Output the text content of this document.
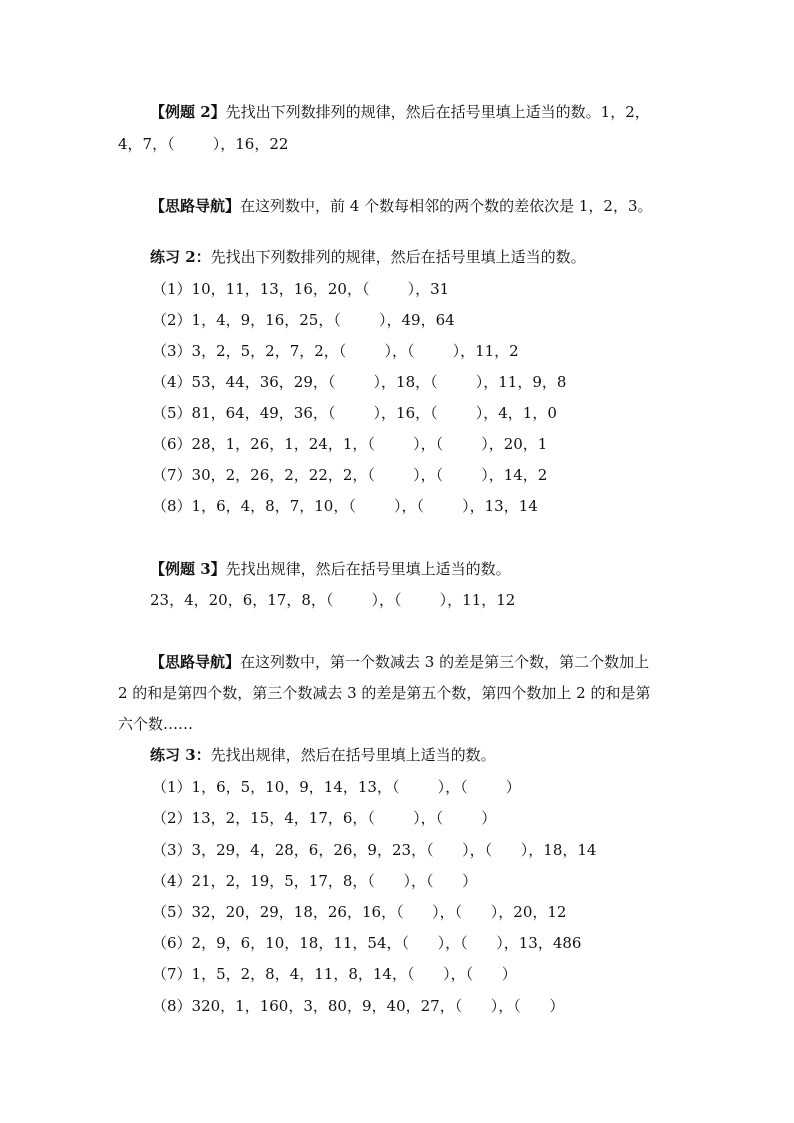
【例题 2】先找出下列数排列的规律，然后在括号里填上适当的数。1，2，
4，7，（        ），16，22
【思路导航】在这列数中，前 4 个数每相邻的两个数的差依次是 1，2，3。
练习 2：先找出下列数排列的规律，然后在括号里填上适当的数。
（1）10，11，13，16，20，（        ），31
（2）1，4，9，16，25，（        ），49，64
（3）3，2，5，2，7，2，（        ），（        ），11，2
（4）53，44，36，29，（        ），18，（        ），11，9，8
（5）81，64，49，36，（        ），16，（        ），4，1，0
（6）28，1，26，1，24，1，（        ），（        ），20，1
（7）30，2，26，2，22，2，（        ），（        ），14，2
（8）1，6，4，8，7，10，（        ），（        ），13，14
【例题 3】先找出规律，然后在括号里填上适当的数。
23，4，20，6，17，8，（        ），（        ），11，12
【思路导航】在这列数中，第一个数减去 3 的差是第三个数，第二个数加上
2 的和是第四个数，第三个数减去 3 的差是第五个数，第四个数加上 2 的和是第
六个数……
练习 3：先找出规律，然后在括号里填上适当的数。
（1）1，6，5，10，9，14，13，（        ），（        ）
（2）13，2，15，4，17，6，（        ），（        ）
（3）3，29，4，28，6，26，9，23，（      ），（      ），18，14
（4）21，2，19，5，17，8，（      ），（      ）
（5）32，20，29，18，26，16，（      ），（      ），20，12
（6）2，9，6，10，18，11，54，（      ），（      ），13，486
（7）1，5，2，8，4，11，8，14，（      ），（      ）
（8）320，1，160，3，80，9，40，27，（      ），（      ）
